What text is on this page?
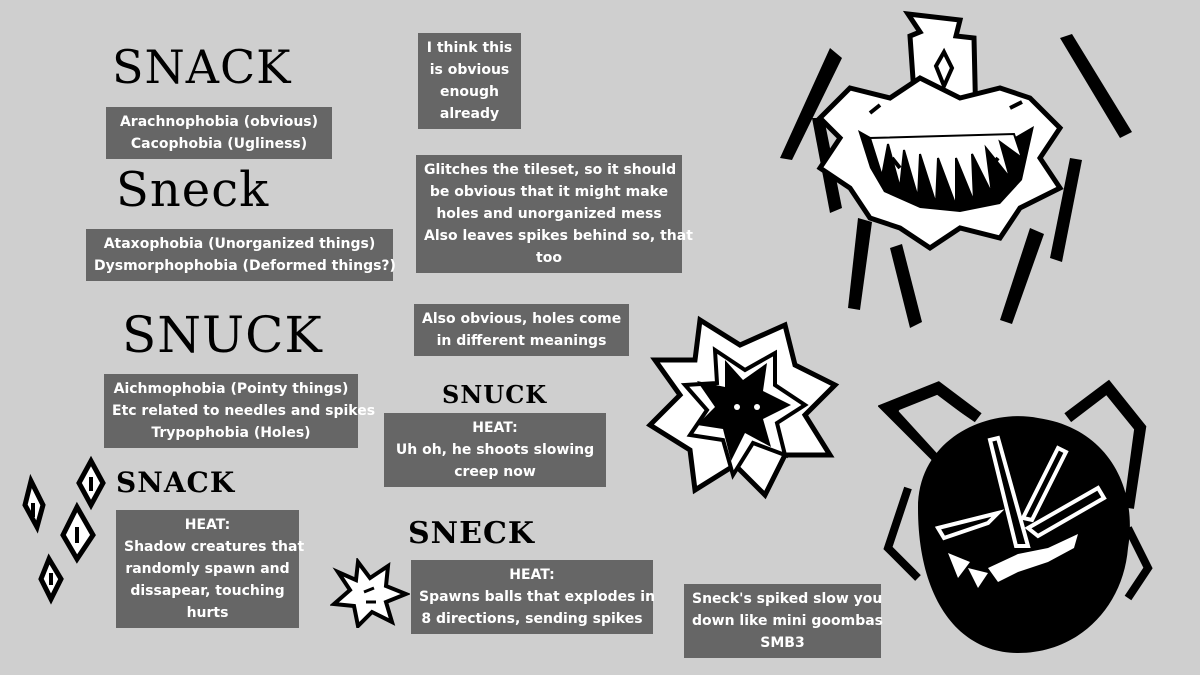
SNACK
Sneck
SNUCK
SNUCK
SNACK
SNECK
Arachnophobia (obvious)
Cacophobia (Ugliness)
I think this
is obvious
enough
already
Ataxophobia (Unorganized things)
Dysmorphophobia (Deformed things?)
Glitches the tileset, so it should
be obvious that it might make
holes and unorganized mess
Also leaves spikes behind so, that
too
Also obvious, holes come
in different meanings
Aichmophobia (Pointy things)
Etc related to needles and spikes
Trypophobia (Holes)	HEAT:
Uh oh, he shoots slowing
creep now
HEAT:
Shadow creatures that
randomly spawn and
dissapear, touching
hurts
HEAT:
Spawns balls that explodes in
8 directions, sending spikes
Sneck's spiked slow you
down like mini goombas
SMB3
